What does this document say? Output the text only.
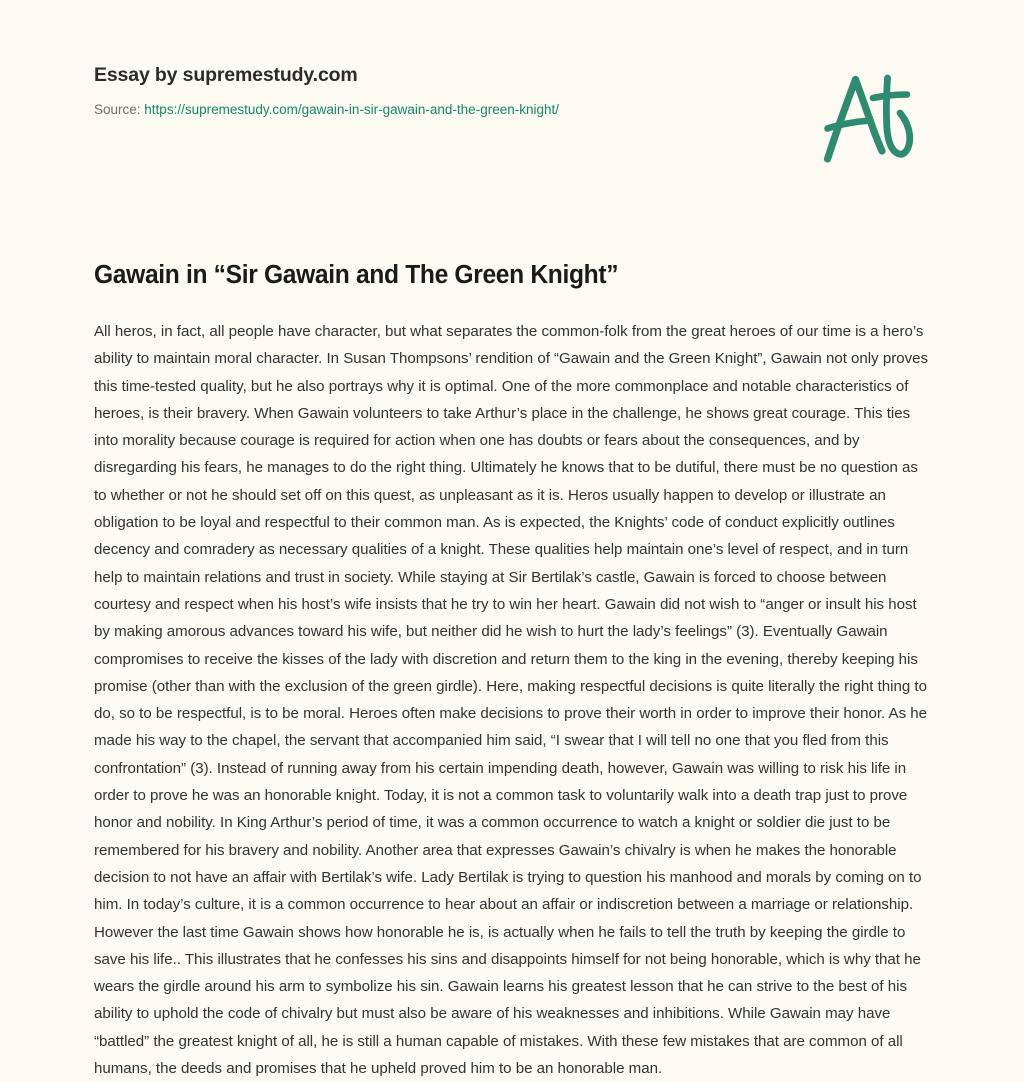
Essay by supremestudy.com
Source: https://supremestudy.com/gawain-in-sir-gawain-and-the-green-knight/
Gawain in “Sir Gawain and The Green Knight”

All heros, in fact, all people have character, but what separates the common-folk from the great heroes of our time is a hero’s ability to maintain moral character. In Susan Thompsons’ rendition of “Gawain and the Green Knight”, Gawain not only proves this time-tested quality, but he also portrays why it is optimal. One of the more commonplace and notable characteristics of heroes, is their bravery. When Gawain volunteers to take Arthur’s place in the challenge, he shows great courage. This ties into morality because courage is required for action when one has doubts or fears about the consequences, and by disregarding his fears, he manages to do the right thing. Ultimately he knows that to be dutiful, there must be no question as to whether or not he should set off on this quest, as unpleasant as it is. Heros usually happen to develop or illustrate an obligation to be loyal and respectful to their common man. As is expected, the Knights’ code of conduct explicitly outlines decency and comradery as necessary qualities of a knight. These qualities help maintain one’s level of respect, and in turn help to maintain relations and trust in society. While staying at Sir Bertilak’s castle, Gawain is forced to choose between courtesy and respect when his host’s wife insists that he try to win her heart. Gawain did not wish to “anger or insult his host by making amorous advances toward his wife, but neither did he wish to hurt the lady’s feelings” (3). Eventually Gawain compromises to receive the kisses of the lady with discretion and return them to the king in the evening, thereby keeping his promise (other than with the exclusion of the green girdle). Here, making respectful decisions is quite literally the right thing to do, so to be respectful, is to be moral. Heroes often make decisions to prove their worth in order to improve their honor. As he made his way to the chapel, the servant that accompanied him said, “I swear that I will tell no one that you fled from this confrontation” (3). Instead of running away from his certain impending death, however, Gawain was willing to risk his life in order to prove he was an honorable knight. Today, it is not a common task to voluntarily walk into a death trap just to prove honor and nobility. In King Arthur’s period of time, it was a common occurrence to watch a knight or soldier die just to be remembered for his bravery and nobility. Another area that expresses Gawain’s chivalry is when he makes the honorable decision to not have an affair with Bertilak’s wife. Lady Bertilak is trying to question his manhood and morals by coming on to him. In today’s culture, it is a common occurrence to hear about an affair or indiscretion between a marriage or relationship. However the last time Gawain shows how honorable he is, is actually when he fails to tell the truth by keeping the girdle to save his life.. This illustrates that he confesses his sins and disappoints himself for not being honorable, which is why that he wears the girdle around his arm to symbolize his sin. Gawain learns his greatest lesson that he can strive to the best of his ability to uphold the code of chivalry but must also be aware of his weaknesses and inhibitions. While Gawain may have “battled” the greatest knight of all, he is still a human capable of mistakes. With these few mistakes that are common of all humans, the deeds and promises that he upheld proved him to be an honorable man.
